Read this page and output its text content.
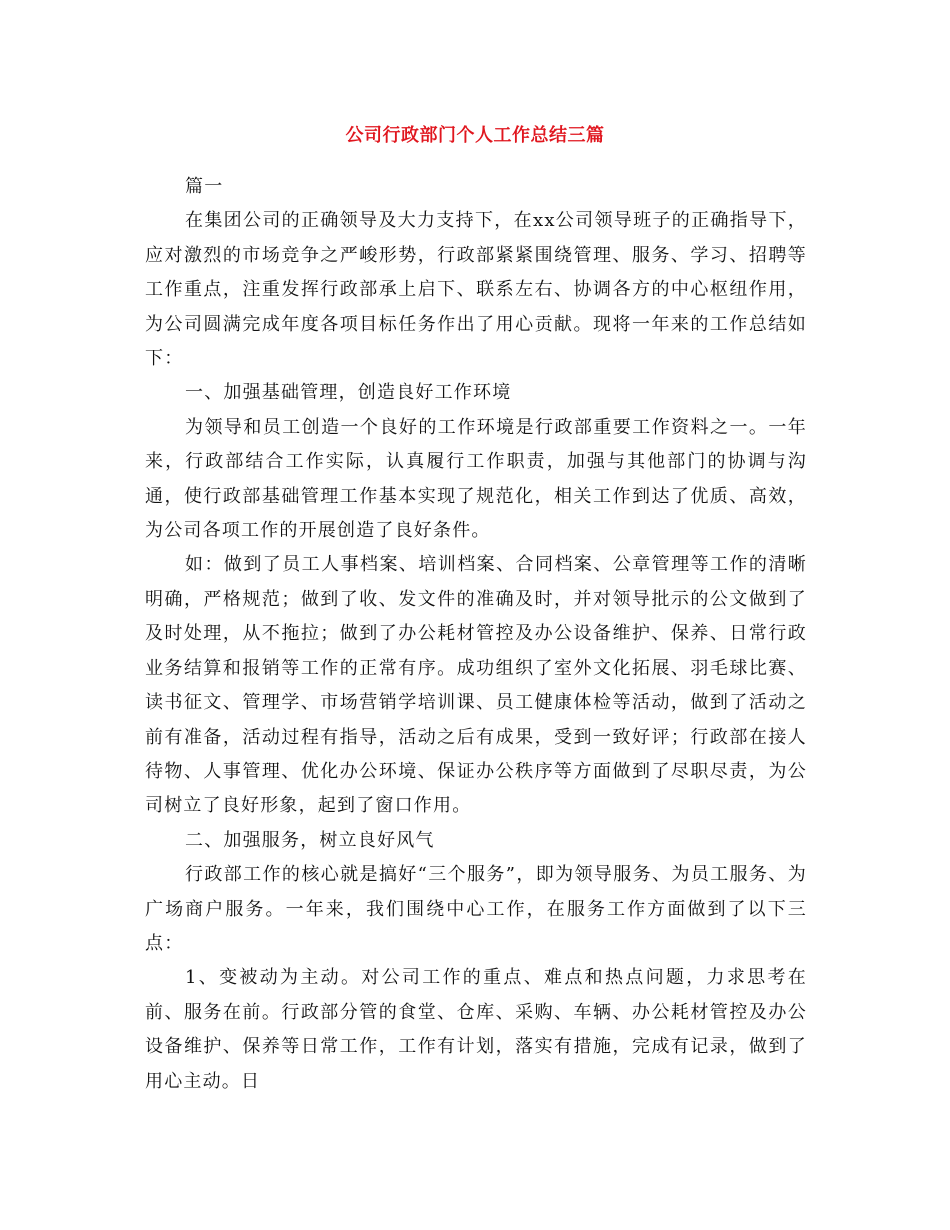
公司行政部门个人工作总结三篇

篇一

在集团公司的正确领导及大力支持下，在xx公司领导班子的正确指导下，应对激烈的市场竞争之严峻形势，行政部紧紧围绕管理、服务、学习、招聘等工作重点，注重发挥行政部承上启下、联系左右、协调各方的中心枢纽作用，为公司圆满完成年度各项目标任务作出了用心贡献。现将一年来的工作总结如下：

一、加强基础管理，创造良好工作环境

为领导和员工创造一个良好的工作环境是行政部重要工作资料之一。一年来，行政部结合工作实际，认真履行工作职责，加强与其他部门的协调与沟通，使行政部基础管理工作基本实现了规范化，相关工作到达了优质、高效，为公司各项工作的开展创造了良好条件。

如：做到了员工人事档案、培训档案、合同档案、公章管理等工作的清晰明确，严格规范；做到了收、发文件的准确及时，并对领导批示的公文做到了及时处理，从不拖拉；做到了办公耗材管控及办公设备维护、保养、日常行政业务结算和报销等工作的正常有序。成功组织了室外文化拓展、羽毛球比赛、读书征文、管理学、市场营销学培训课、员工健康体检等活动，做到了活动之前有准备，活动过程有指导，活动之后有成果，受到一致好评；行政部在接人待物、人事管理、优化办公环境、保证办公秩序等方面做到了尽职尽责，为公司树立了良好形象，起到了窗口作用。

二、加强服务，树立良好风气

行政部工作的核心就是搞好“三个服务”，即为领导服务、为员工服务、为广场商户服务。一年来，我们围绕中心工作，在服务工作方面做到了以下三点：

1、变被动为主动。对公司工作的重点、难点和热点问题，力求思考在前、服务在前。行政部分管的食堂、仓库、采购、车辆、办公耗材管控及办公设备维护、保养等日常工作，工作有计划，落实有措施，完成有记录，做到了用心主动。日
